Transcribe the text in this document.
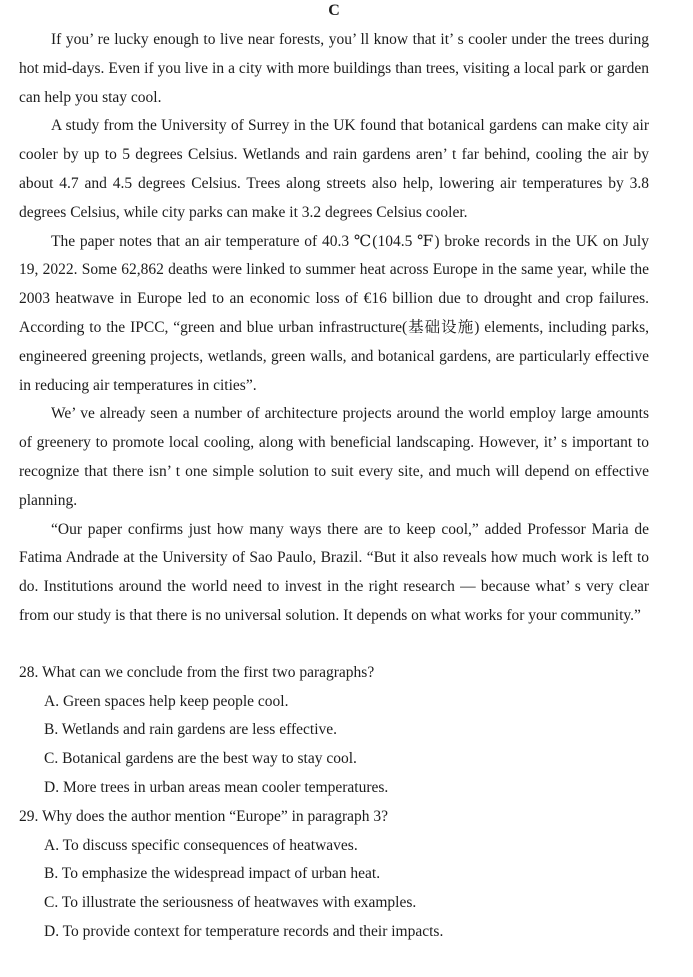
C

If you’ re lucky enough to live near forests, you’ ll know that it’ s cooler under the trees during hot mid-days. Even if you live in a city with more buildings than trees, visiting a local park or garden can help you stay cool.

A study from the University of Surrey in the UK found that botanical gardens can make city air cooler by up to 5 degrees Celsius. Wetlands and rain gardens aren’ t far behind, cooling the air by about 4.7 and 4.5 degrees Celsius. Trees along streets also help, lowering air temperatures by 3.8 degrees Celsius, while city parks can make it 3.2 degrees Celsius cooler.

The paper notes that an air temperature of 40.3 ℃(104.5 ℉) broke records in the UK on July 19, 2022. Some 62,862 deaths were linked to summer heat across Europe in the same year, while the 2003 heatwave in Europe led to an economic loss of €16 billion due to drought and crop failures. According to the IPCC, “green and blue urban infrastructure(基础设施) elements, including parks, engineered greening projects, wetlands, green walls, and botanical gardens, are particularly effective in reducing air temperatures in cities”.

We’ ve already seen a number of architecture projects around the world employ large amounts of greenery to promote local cooling, along with beneficial landscaping. However, it’ s important to recognize that there isn’ t one simple solution to suit every site, and much will depend on effective planning.

“Our paper confirms just how many ways there are to keep cool,” added Professor Maria de Fatima Andrade at the University of Sao Paulo, Brazil. “But it also reveals how much work is left to do. Institutions around the world need to invest in the right research — because what’ s very clear from our study is that there is no universal solution. It depends on what works for your community.”

28. What can we conclude from the first two paragraphs?

A. Green spaces help keep people cool.

B. Wetlands and rain gardens are less effective.

C. Botanical gardens are the best way to stay cool.

D. More trees in urban areas mean cooler temperatures.

29. Why does the author mention “Europe” in paragraph 3?

A. To discuss specific consequences of heatwaves.

B. To emphasize the widespread impact of urban heat.

C. To illustrate the seriousness of heatwaves with examples.

D. To provide context for temperature records and their impacts.
